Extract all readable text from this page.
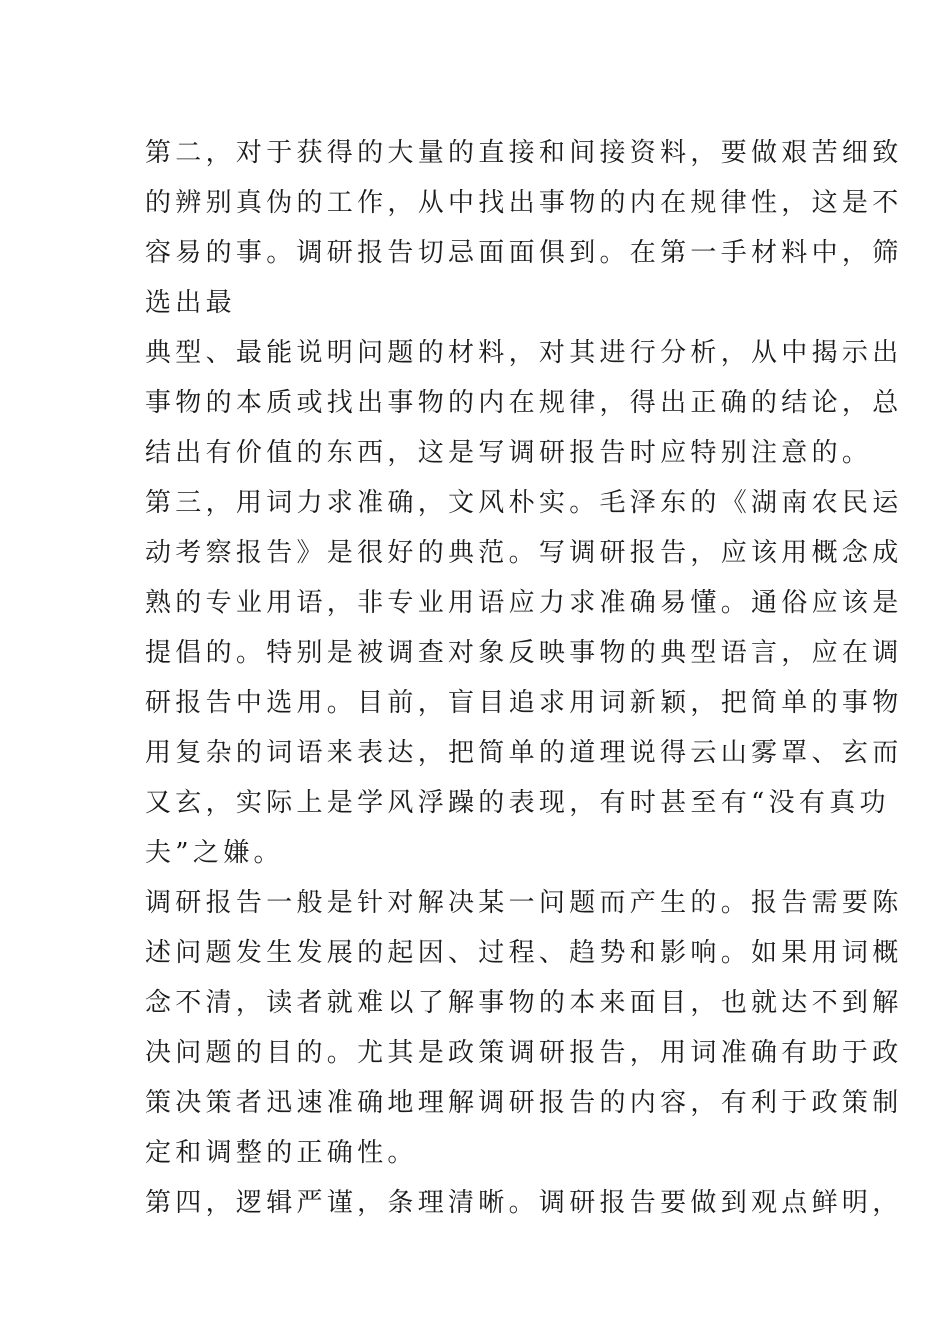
第二，对于获得的大量的直接和间接资料，要做艰苦细致
的辨别真伪的工作，从中找出事物的内在规律性，这是不
容易的事。调研报告切忌面面俱到。在第一手材料中，筛
选出最
典型、最能说明问题的材料，对其进行分析，从中揭示出
事物的本质或找出事物的内在规律，得出正确的结论，总
结出有价值的东西，这是写调研报告时应特别注意的。
第三，用词力求准确，文风朴实。毛泽东的《湖南农民运
动考察报告》是很好的典范。写调研报告，应该用概念成
熟的专业用语，非专业用语应力求准确易懂。通俗应该是
提倡的。特别是被调查对象反映事物的典型语言，应在调
研报告中选用。目前，盲目追求用词新颖，把简单的事物
用复杂的词语来表达，把简单的道理说得云山雾罩、玄而
又玄，实际上是学风浮躁的表现，有时甚至有“没有真功
夫”之嫌。
调研报告一般是针对解决某一问题而产生的。报告需要陈
述问题发生发展的起因、过程、趋势和影响。如果用词概
念不清，读者就难以了解事物的本来面目，也就达不到解
决问题的目的。尤其是政策调研报告，用词准确有助于政
策决策者迅速准确地理解调研报告的内容，有利于政策制
定和调整的正确性。
第四，逻辑严谨，条理清晰。调研报告要做到观点鲜明，
